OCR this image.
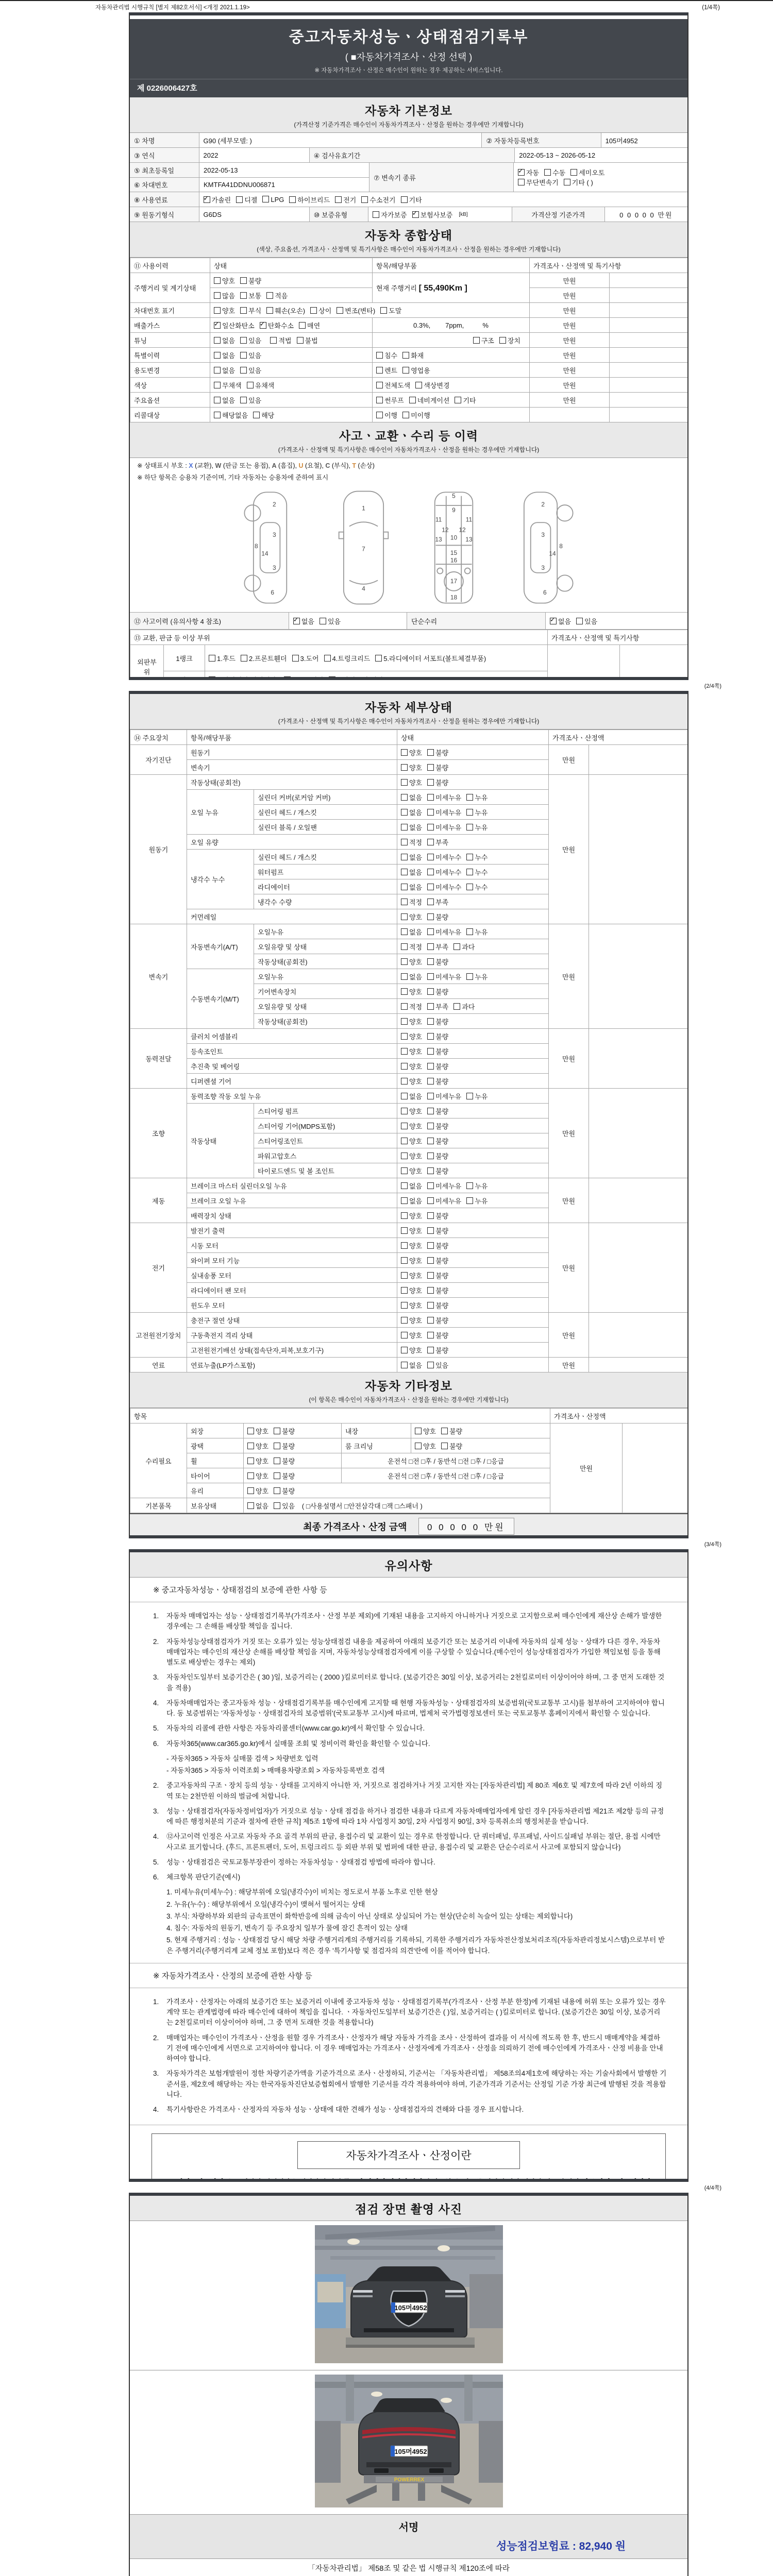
자동차관리법 시행규칙 [별지 제82호서식] <개정 2021.1.19>	(1/4쪽)
중고자동차성능ㆍ상태점검기록부
( ■자동차가격조사ㆍ산정 선택 )
※ 자동차가격조사ㆍ산정은 매수인이 원하는 경우 제공하는 서비스입니다.
제 0226006427호
자동차 기본정보
(가격산정 기준가격은 매수인이 자동차가격조사ㆍ산정을 원하는 경우에만 기재합니다)
① 차명	G90 (세부모델: )	② 자동차등록번호	105머4952
③ 연식	2022	④ 검사유효기간	2022-05-13 ~ 2026-05-12
⑤ 최초등록일	2022-05-13
⑥ 차대번호	KMTFA41DDNU006871
⑦ 변속기 종류
✓자동 수동 세미오토
무단변속기 기타 ( )
⑧ 사용연료 ✓	가솔린	디젤	LPG	하이브리드	전기	수소전기	기타
⑨ 원동기형식	G6DS	⑩ 보증유형	자가보증 ✓ 보험사보증	[kB]	가격산정 기준가격	0 0 0 0 0 만원
자동차 종합상태
(색상, 주요옵션, 가격조사ㆍ산정액 및 특기사항은 매수인이 자동차가격조사ㆍ산정을 원하는 경우에만 기재합니다)
⑪ 사용이력	상태	항목/해당부품	가격조사ㆍ산정액 및 특기사항	
주행거리 및 계기상태	양호 불량	현재 주행거리 [ 55,490Km ]	만원	
	많음 보통 적음		만원	
차대번호 표기	양호 부식 훼손(오손) 상이 변조(변타) 도말		만원	
배출가스	✓일산화탄소 ✓ 탄화수소 매연	0.3%,        7ppm,          %	만원	
튜닝	없음 있음 적법 불법	구조 장치	만원	
특별이력	없음 있음	침수 화재	만원	
용도변경	없음 있음	렌트 영업용	만원	
색상	무채색 유채색	전체도색 색상변경	만원	
주요옵션	없음 있음	썬루프 네비게이션 기타	만원	
리콜대상	해당없음 해당	이행 미이행		
사고ㆍ교환ㆍ수리 등 이력
(가격조사ㆍ산정액 및 특기사항은 매수인이 자동차가격조사ㆍ산정을 원하는 경우에만 기재합니다)
※ 상태표시 부호 : X (교환), W (판금 또는 용접), A (흠집), U (요철), C (부식), T (손상)
※ 하단 항목은 승용차 기준이며, 기타 자동차는 승용차에 준하여 표시
2
3
14
3
8
6
1
7
4
5
9
11	11
12 12
13	13
10
15
16
17
18
2
3
14
3
8
6
⑫ 사고이력 (유의사항 4 참조) ✓	없음	있음	단순수리 ✓	없음	있음
⑬ 교환, 판금 등 이상 부위			가격조사ㆍ산정액 및 특기사항	
외판부위	1랭크	1.후드 2.프론트휀더 3.도어 4.트렁크리드 5.라디에이터 서포트(볼트체결부품)		
	2랭크	6.쿼터패널(리어휀다) 7.루프패널 8.사이드실 패널		

(2/4쪽)
자동차 세부상태
(가격조사ㆍ산정액 및 특기사항은 매수인이 자동차가격조사ㆍ산정을 원하는 경우에만 기재합니다)
⑭ 주요장치	항목/해당부품		상태	가격조사ㆍ산정액	
자기진단	원동기		양호 불량	만원	
	변속기		양호 불량		
원동기	작동상태(공회전)		양호 불량	만원	
	오일 누유	실린더 커버(로커암 커버)	없음 미세누유 누유		
		실린더 헤드 / 개스킷	없음 미세누유 누유		
		실린더 블록 / 오일팬	없음 미세누유 누유		
	오일 유량		적정 부족		
	냉각수 누수	실린더 헤드 / 개스킷	없음 미세누수 누수		
		워터펌프	없음 미세누수 누수		
		라디에이터	없음 미세누수 누수		
		냉각수 수량	적정 부족		
	커먼레일		양호 불량		
변속기	자동변속기(A/T)	오일누유	없음 미세누유 누유	만원	
		오일유량 및 상태	적정 부족 과다		
		작동상태(공회전)	양호 불량		
	수동변속기(M/T)	오일누유	없음 미세누유 누유		
		기어변속장치	양호 불량		
		오일유량 및 상태	적정 부족 과다		
		작동상태(공회전)	양호 불량		
동력전달	클러치 어셈블리		양호 불량	만원	
	등속조인트		양호 불량		
	추진축 및 베어링		양호 불량		
	디퍼렌셜 기어		양호 불량		
조향	동력조향 작동 오일 누유		없음 미세누유 누유	만원	
	작동상태	스티어링 펌프	양호 불량		
		스티어링 기어(MDPS포함)	양호 불량		
		스티어링조인트	양호 불량		
		파워고압호스	양호 불량		
		타이로드엔드 및 볼 조인트	양호 불량		
제동	브레이크 마스터 실린더오일 누유		없음 미세누유 누유	만원	
	브레이크 오일 누유		없음 미세누유 누유		
	배력장치 상태		양호 불량		
전기	발전기 출력		양호 불량	만원	
	시동 모터		양호 불량		
	와이퍼 모터 기능		양호 불량		
	실내송풍 모터		양호 불량		
	라디에이터 팬 모터		양호 불량		
	윈도우 모터		양호 불량		
고전원전기장치	충전구 절연 상태		양호 불량	만원	
	구동축전지 격리 상태		양호 불량		
	고전원전기배선 상태(접속단자,피복,보호기구)		양호 불량		
연료	연료누출(LP가스포함)		없음 있음	만원	
자동차 기타정보
(이 항목은 매수인이 자동차가격조사ㆍ산정을 원하는 경우에만 기재합니다)
항목					가격조사ㆍ산정액	
수리필요	외장	양호 불량	내장	양호 불량	만원	
	광택	양호 불량	룸 크리닝	양호 불량		
	휠	양호 불량	운전석 □전 □후 / 동반석 □전 □후 / □응급			
	타이어	양호 불량	운전석 □전 □후 / 동반석 □전 □후 / □응급			
	유리	양호 불량				
기본품목	보유상태	없음 있음 ( □사용설명서 □안전삼각대 □잭 □스패너 )				
최종 가격조사ㆍ산정 금액 0 0 0 0 0 만원

(3/4쪽)
유의사항
※ 중고자동차성능ㆍ상태점검의 보증에 관한 사항 등
1.	자동차 매매업자는 성능ㆍ상태점검기록부(가격조사ㆍ산정 부분 제외)에 기재된 내용을 고지하지 아니하거나 거짓으로 고지함으로써 매수인에게 재산상 손해가 발생한 경우에는 그 손해를 배상할 책임을 집니다.
2.	자동차성능상태점검자가 거짓 또는 오류가 있는 성능상태점검 내용을 제공하여 아래의 보증기간 또는 보증거리 이내에 자동차의 실제 성능ㆍ상태가 다른 경우, 자동차매매업자는 매수인의 재산상 손해를 배상할 책임을 지며, 자동차성능상태점검자에게 이를 구상할 수 있습니다.(매수인이 성능상태점검자가 가입한 책임보험 등을 통해 별도로 배상받는 경우는 제외)
3.	자동차인도일부터 보증기간은 ( 30 )일, 보증거리는 ( 2000 )킬로미터로 합니다. (보증기간은 30일 이상, 보증거리는 2천킬로미터 이상이어야 하며, 그 중 먼저 도래한 것을 적용)
4.	자동차매매업자는 중고자동차 성능ㆍ상태점검기록부를 매수인에게 고지할 때 현행 자동차성능ㆍ상태점검자의 보증범위(국토교통부 고시)를 첨부하여 고지하여야 합니다. 동 보증범위는 '자동차성능ㆍ상태점검자의 보증범위'(국토교통부 고시)에 따르며, 법제처 국가법령정보센터 또는 국토교통부 홈페이지에서 확인할 수 있습니다.
5.	자동차의 리콜에 관한 사항은 자동차리콜센터(www.car.go.kr)에서 확인할 수 있습니다.
6.	자동차365(www.car365.go.kr)에서 실매물 조회 및 정비이력 확인을 확인할 수 있습니다.
- 자동차365 > 자동차 실매물 검색 > 차량번호 입력
- 자동차365 > 자동차 이력조회 > 매매용차량조회 > 자동차등록번호 검색
2.	중고자동차의 구조ㆍ장치 등의 성능ㆍ상태를 고지하지 아니한 자, 거짓으로 점검하거나 거짓 고지한 자는 [자동차관리법] 제 80조 제6호 및 제7호에 따라 2년 이하의 징역 또는 2천만원 이하의 벌금에 처합니다.
3.	성능ㆍ상태점검자(자동차정비업자)가 거짓으로 성능ㆍ상태 점검을 하거나 점검한 내용과 다르게 자동차매매업자에게 알린 경우 [자동차관리법 제21조 제2항 등의 규정에 따른 행정처분의 기준과 절차에 관한 규칙] 제5조 1항에 따라 1차 사업정지 30일, 2차 사업정지 90일, 3차 등록취소의 행정처분을 받습니다.
4.	⑫사고이력 인정은 사고로 자동차 주요 골격 부위의 판금, 용접수리 및 교환이 있는 경우로 한정합니다. 단 쿼터패널, 루프패널, 사이드실패널 부위는 절단, 용접 시에만 사고로 표기합니다. (후드, 프론트펜더, 도어, 트렁크리드 등 외판 부위 및 범퍼에 대한 판금, 용접수리 및 교환은 단순수리로서 사고에 포함되지 않습니다)
5.	성능ㆍ상태점검은 국토교통부장관이 정하는 자동차성능ㆍ상태점검 방법에 따라야 합니다.
6.	체크항목 판단기준(예시)
1. 미세누유(미세누수) : 해당부위에 오일(냉각수)이 비치는 정도로서 부품 노후로 인한 현상
2. 누유(누수) : 해당부위에서 오일(냉각수)이 맺혀서 떨어지는 상태
3. 부식: 차량하부와 외판의 금속표면이 화학반응에 의해 금속이 아닌 상태로 상실되어 가는 현상(단순히 녹슬어 있는 상태는 제외합니다)
4. 침수: 자동차의 원동기, 변속기 등 주요장치 일부가 물에 잠긴 흔적이 있는 상태
5. 현재 주행거리 : 성능ㆍ상태점검 당시 해당 차량 주행거리계의 주행거리를 기록하되, 기록한 주행거리가 자동차전산정보처리조직(자동차관리정보시스템)으로부터 받은 주행거리(주행거리계 교체 정보 포함)보다 적은 경우 '특기사항 및 점검자의 의견'란에 이를 적어야 합니다.
※ 자동차가격조사ㆍ산정의 보증에 관한 사항 등
1.	가격조사ㆍ산정자는 아래의 보증기간 또는 보증거리 이내에 중고자동차 성능ㆍ상태점검기록부(가격조사ㆍ산정 부분 한정)에 기재된 내용에 허위 또는 오류가 있는 경우 계약 또는 관계법령에 따라 매수인에 대하여 책임을 집니다. ㆍ자동차인도일부터 보증기간은 ( )일, 보증거리는 ( )킬로미터로 합니다. (보증기간은 30일 이상, 보증거리는 2천킬로미터 이상이어야 하며, 그 중 먼저 도래한 것을 적용합니다)
2.	매매업자는 매수인이 가격조사ㆍ산정을 원할 경우 가격조사ㆍ산정자가 해당 자동차 가격을 조사ㆍ산정하여 결과를 이 서식에 적도록 한 후, 반드시 매매계약을 체결하기 전에 매수인에게 서면으로 고지하여야 합니다. 이 경우 매매업자는 가격조사ㆍ산정자에게 가격조사ㆍ산정을 의뢰하기 전에 매수인에게 가격조사ㆍ산정 비용을 안내하여야 합니다.
3.	자동차가격은 보험개발원이 정한 차량기준가액을 기준가격으로 조사ㆍ산정하되, 기준서는 「자동차관리법」 제58조의4제1호에 해당하는 자는 기술사회에서 발행한 기준서를, 제2호에 해당하는 자는 한국자동차진단보증협회에서 발행한 기준서를 각각 적용하여야 하며, 기준가격과 기준서는 산정일 기준 가장 최근에 발행된 것을 적용합니다.
4.	특기사항란은 가격조사ㆍ산정자의 자동차 성능ㆍ상태에 대한 견해가 성능ㆍ상태점검자의 견해와 다를 경우 표시합니다.
자동차가격조사ㆍ산정이란
(4/4쪽)
점검 장면 촬영 사진
105머4952
105머4952
POWERREX
서명
성능점검보험료 : 82,940 원
「자동차관리법」 제58조 및 같은 법 시행규칙 제120조에 따라
